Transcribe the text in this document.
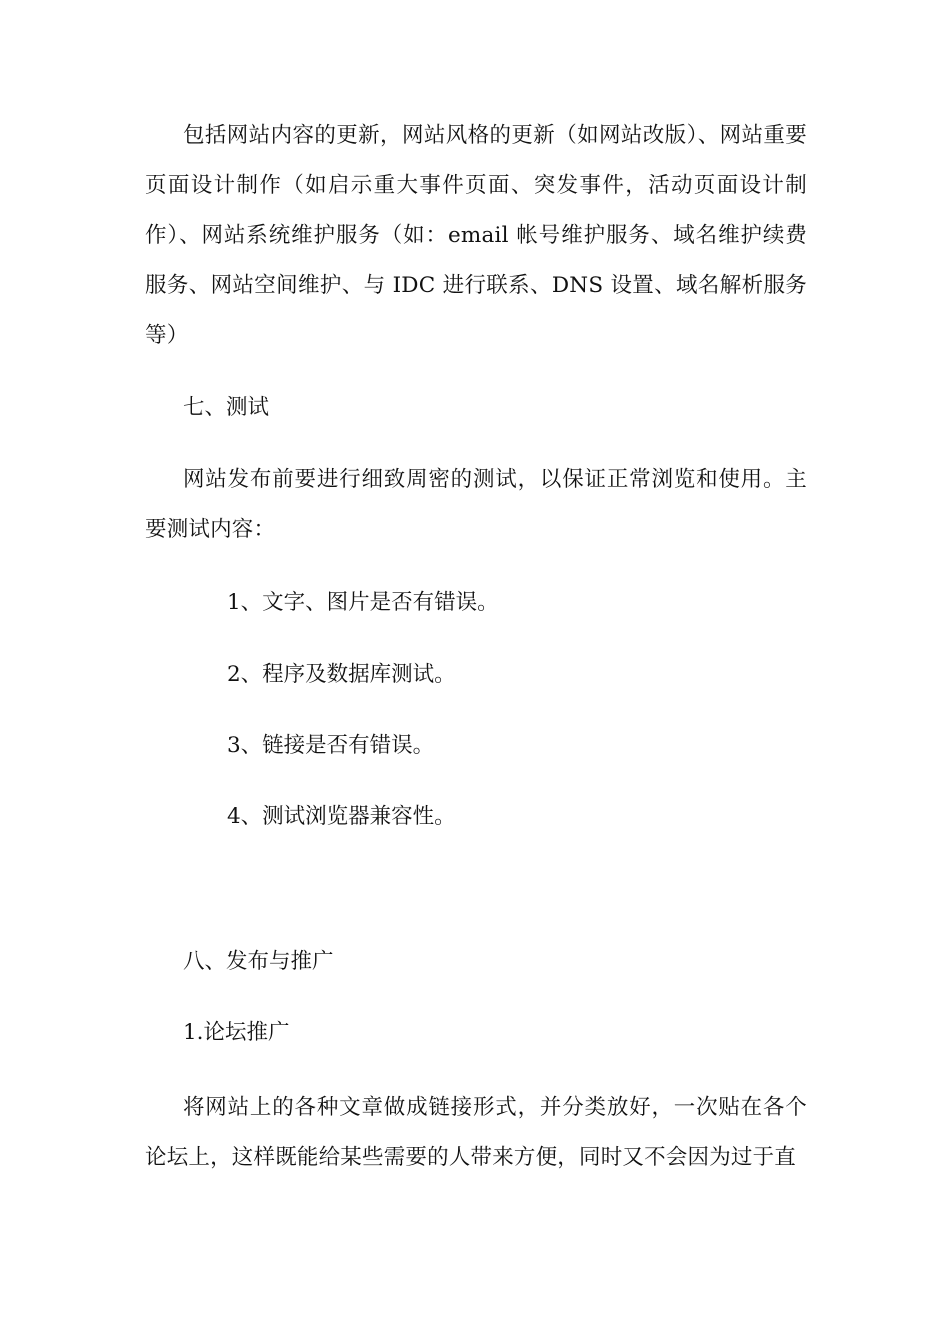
包括网站内容的更新，网站风格的更新（如网站改版）、网站重要页面设计制作（如启示重大事件页面、突发事件，活动页面设计制作）、网站系统维护服务（如：email 帐号维护服务、域名维护续费服务、网站空间维护、与 IDC 进行联系、DNS 设置、域名解析服务等）

七、测试

网站发布前要进行细致周密的测试，以保证正常浏览和使用。主要测试内容：

1、文字、图片是否有错误。

2、程序及数据库测试。

3、链接是否有错误。

4、测试浏览器兼容性。

八、发布与推广

1.论坛推广

将网站上的各种文章做成链接形式，并分类放好，一次贴在各个论坛上，这样既能给某些需要的人带来方便，同时又不会因为过于直
